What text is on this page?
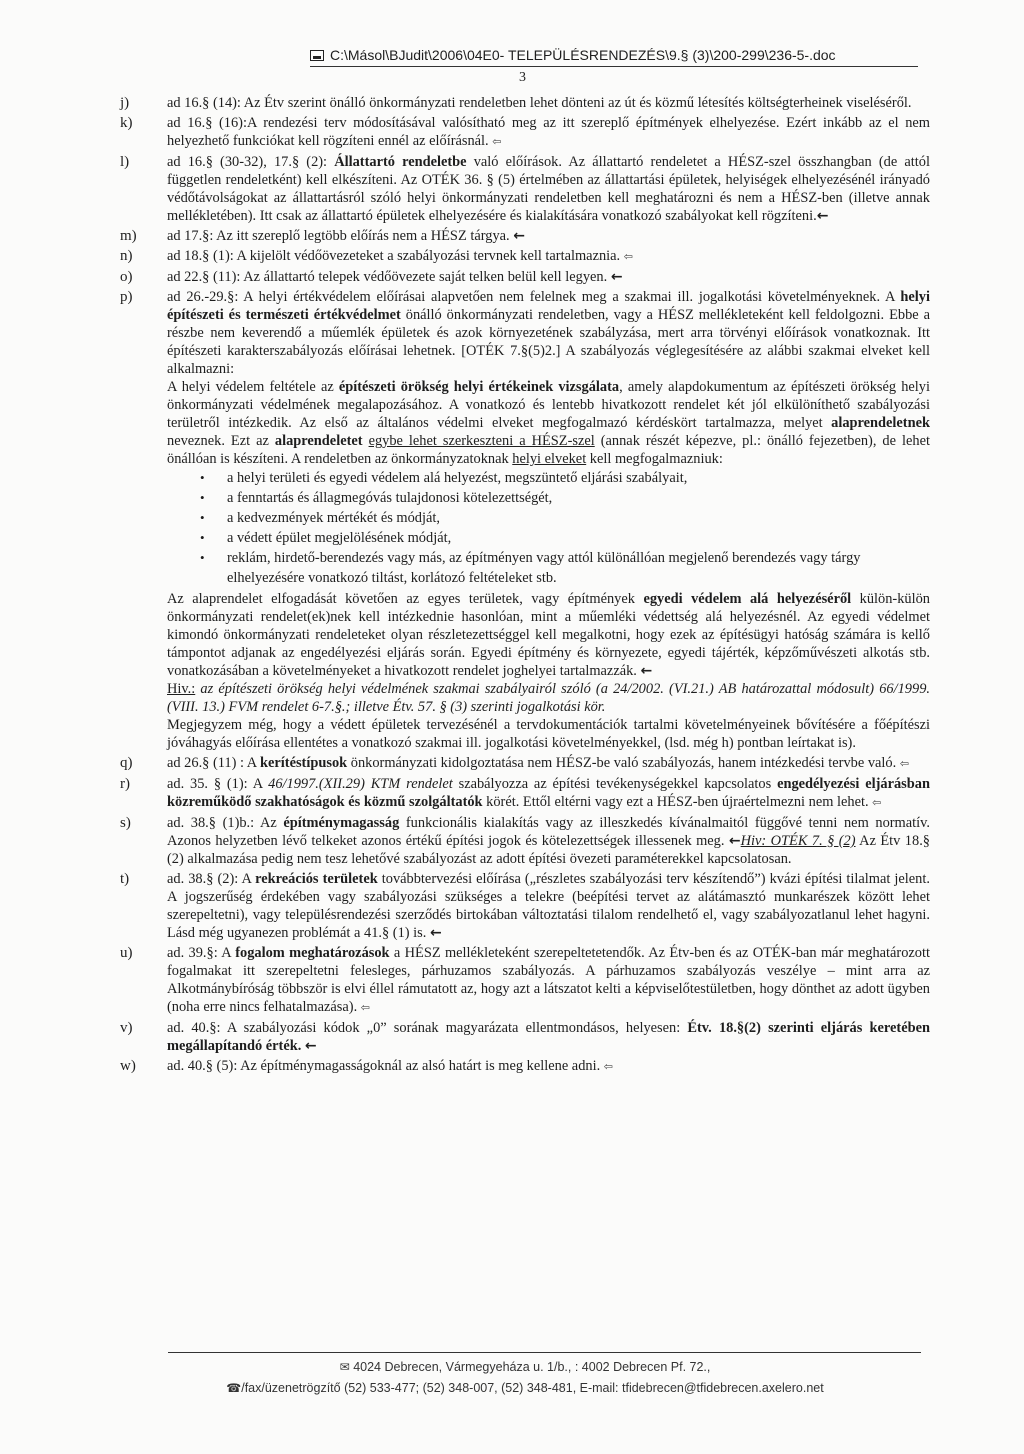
C:\Másol\BJudit\2006\04E0- TELEPÜLÉSRENDEZÉS\9.§ (3)\200-299\236-5-.doc
3
j)	ad 16.§ (14): Az Étv szerint önálló önkormányzati rendeletben lehet dönteni az út és közmű létesítés költségterheinek viseléséről.

k)	ad 16.§ (16):A rendezési terv módosításával valósítható meg az itt szereplő építmények elhelyezése. Ezért inkább az el nem helyezhető funkciókat kell rögzíteni ennél az előírásnál. ⇦

l)	ad 16.§ (30-32), 17.§ (2): Állattartó rendeletbe való előírások. Az állattartó rendeletet a HÉSZ-szel összhangban (de attól független rendeletként) kell elkészíteni. Az OTÉK 36. § (5) értelmében az állattartási épületek, helyiségek elhelyezésénél irányadó védőtávolságokat az állattartásról szóló helyi önkormányzati rendeletben kell meghatározni és nem a HÉSZ-ben (illetve annak mellékletében). Itt csak az állattartó épületek elhelyezésére és kialakítására vonatkozó szabályokat kell rögzíteni.←

m)	ad 17.§: Az itt szereplő legtöbb előírás nem a HÉSZ tárgya. ←

n)	ad 18.§ (1): A kijelölt védőövezeteket a szabályozási tervnek kell tartalmaznia. ⇦

o)	ad 22.§ (11): Az állattartó telepek védőövezete saját telken belül kell legyen. ←

p)	ad 26.-29.§: A helyi értékvédelem előírásai alapvetően nem felelnek meg a szakmai ill. jogalkotási követelményeknek. A helyi építészeti és természeti értékvédelmet önálló önkormányzati rendeletben, vagy a HÉSZ mellékleteként kell feldolgozni. Ebbe a részbe nem keverendő a műemlék épületek és azok környezetének szabályzása, mert arra törvényi előírások vonatkoznak. Itt építészeti karakterszabályozás előírásai lehetnek. [OTÉK 7.§(5)2.] A szabályozás véglegesítésére az alábbi szakmai elveket kell alkalmazni:

A helyi védelem feltétele az építészeti örökség helyi értékeinek vizsgálata, amely alapdokumentum az építészeti örökség helyi önkormányzati védelmének megalapozásához. A vonatkozó és lentebb hivatkozott rendelet két jól elkülöníthető szabályozási területről intézkedik. Az első az általános védelmi elveket megfogalmazó kérdéskört tartalmazza, melyet alaprendeletnek neveznek. Ezt az alaprendeletet egybe lehet szerkeszteni a HÉSZ-szel (annak részét képezve, pl.: önálló fejezetben), de lehet önállóan is készíteni. A rendeletben az önkormányzatoknak helyi elveket kell megfogalmazniuk:

• a helyi területi és egyedi védelem alá helyezést, megszüntető eljárási szabályait,
• a fenntartás és állagmegóvás tulajdonosi kötelezettségét,
• a kedvezmények mértékét és módját,
• a védett épület megjelölésének módját,
• reklám, hirdető-berendezés vagy más, az építményen vagy attól különállóan megjelenő berendezés vagy tárgy elhelyezésére vonatkozó tiltást, korlátozó feltételeket stb.

Az alaprendelet elfogadását követően az egyes területek, vagy építmények egyedi védelem alá helyezéséről külön-külön önkormányzati rendelet(ek)nek kell intézkednie hasonlóan, mint a műemléki védettség alá helyezésnél. Az egyedi védelmet kimondó önkormányzati rendeleteket olyan részletezettséggel kell megalkotni, hogy ezek az építésügyi hatóság számára is kellő támpontot adjanak az engedélyezési eljárás során. Egyedi építmény és környezete, egyedi tájérték, képzőművészeti alkotás stb. vonatkozásában a követelményeket a hivatkozott rendelet joghelyei tartalmazzák. ←

Hiv.: az építészeti örökség helyi védelmének szakmai szabályairól szóló (a 24/2002. (VI.21.) AB határozattal módosult) 66/1999. (VIII. 13.) FVM rendelet 6-7.§.; illetve Étv. 57. § (3) szerinti jogalkotási kör.

Megjegyzem még, hogy a védett épületek tervezésénél a tervdokumentációk tartalmi követelményeinek bővítésére a főépítészi jóváhagyás előírása ellentétes a vonatkozó szakmai ill. jogalkotási követelményekkel, (lsd. még h) pontban leírtakat is).

q)	ad 26.§ (11) : A kerítéstípusok önkormányzati kidolgoztatása nem HÉSZ-be való szabályozás, hanem intézkedési tervbe való. ⇦

r)	ad. 35. § (1): A 46/1997.(XII.29) KTM rendelet szabályozza az építési tevékenységekkel kapcsolatos engedélyezési eljárásban közreműködő szakhatóságok és közmű szolgáltatók körét. Ettől eltérni vagy ezt a HÉSZ-ben újraértelmezni nem lehet. ⇦

s)	ad. 38.§ (1)b.: Az építménymagasság funkcionális kialakítás vagy az illeszkedés kívánalmaitól függővé tenni nem normatív. Azonos helyzetben lévő telkeket azonos értékű építési jogok és kötelezettségek illessenek meg. ←Hiv: OTÉK 7. § (2) Az Étv 18.§ (2) alkalmazása pedig nem tesz lehetővé szabályozást az adott építési övezeti paraméterekkel kapcsolatosan.

t)	ad. 38.§ (2): A rekreációs területek továbbtervezési előírása („részletes szabályozási terv készítendő”) kvázi építési tilalmat jelent. A jogszerűség érdekében vagy szabályozási szükséges a telekre (beépítési tervet az alátámasztó munkarészek között lehet szerepeltetni), vagy településrendezési szerződés birtokában változtatási tilalom rendelhető el, vagy szabályozatlanul lehet hagyni. Lásd még ugyanezen problémát a 41.§ (1) is. ←

u)	ad. 39.§: A fogalom meghatározások a HÉSZ mellékleteként szerepeltetetendők. Az Étv-ben és az OTÉK-ban már meghatározott fogalmakat itt szerepeltetni felesleges, párhuzamos szabályozás. A párhuzamos szabályozás veszélye – mint arra az Alkotmánybíróság többször is elvi éllel rámutatott az, hogy azt a látszatot kelti a képviselőtestületben, hogy dönthet az adott ügyben (noha erre nincs felhatalmazása). ⇦

v)	ad. 40.§: A szabályozási kódok „0” sorának magyarázata ellentmondásos, helyesen: Étv. 18.§(2) szerinti eljárás keretében megállapítandó érték. ←

w)	ad. 40.§ (5): Az építménymagasságoknál az alsó határt is meg kellene adni. ⇦

✉ 4024 Debrecen, Vármegyeháza u. 1/b., : 4002 Debrecen Pf. 72.,
☎/fax/üzenetrögzítő (52) 533-477; (52) 348-007, (52) 348-481, E-mail: tfidebrecen@tfidebrecen.axelero.net
